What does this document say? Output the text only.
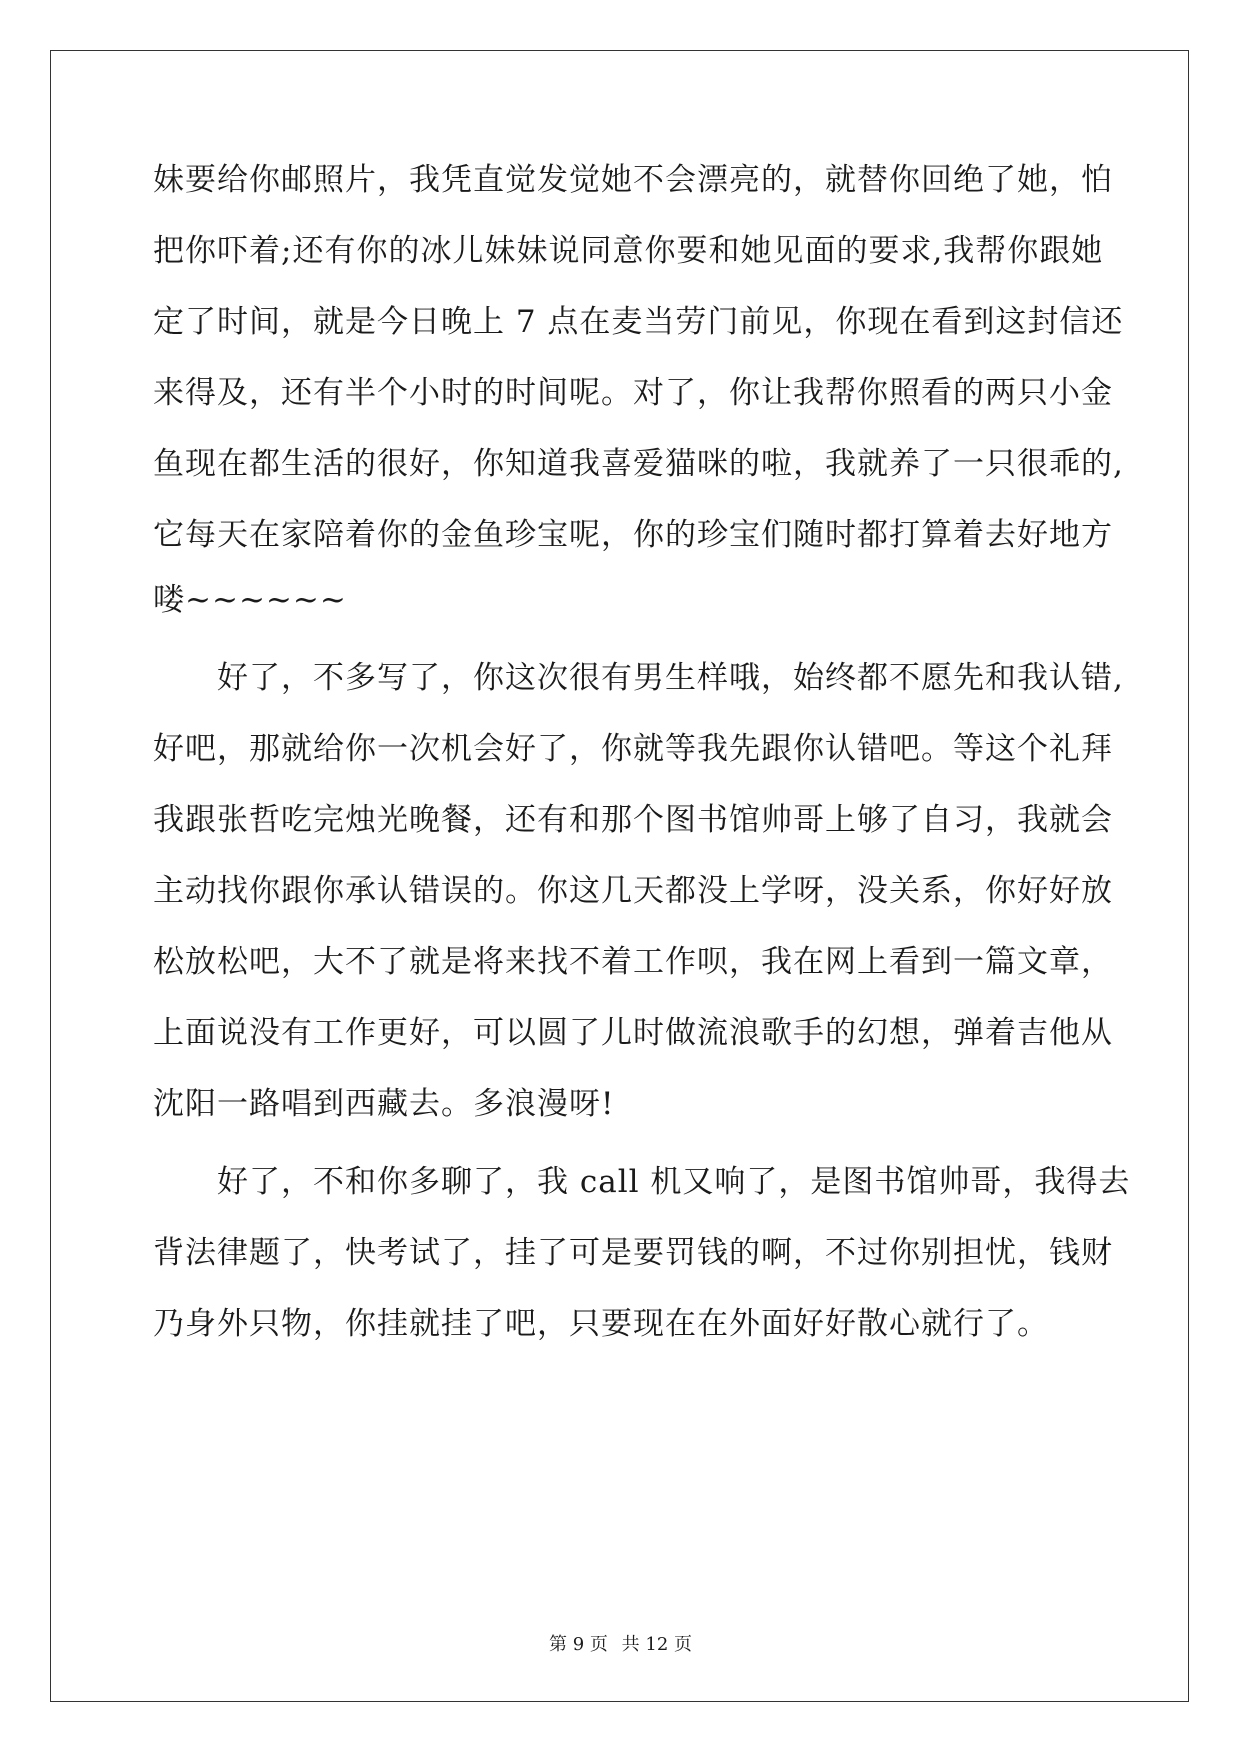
妹要给你邮照片，我凭直觉发觉她不会漂亮的，就替你回绝了她，怕
把你吓着;还有你的冰儿妹妹说同意你要和她见面的要求,我帮你跟她
定了时间，就是今日晚上 7 点在麦当劳门前见，你现在看到这封信还
来得及，还有半个小时的时间呢。对了，你让我帮你照看的两只小金
鱼现在都生活的很好，你知道我喜爱猫咪的啦，我就养了一只很乖的,
它每天在家陪着你的金鱼珍宝呢，你的珍宝们随时都打算着去好地方
喽~~~~~~
　　好了，不多写了，你这次很有男生样哦，始终都不愿先和我认错,
好吧，那就给你一次机会好了，你就等我先跟你认错吧。等这个礼拜
我跟张哲吃完烛光晚餐，还有和那个图书馆帅哥上够了自习，我就会
主动找你跟你承认错误的。你这几天都没上学呀，没关系，你好好放
松放松吧，大不了就是将来找不着工作呗，我在网上看到一篇文章，
上面说没有工作更好，可以圆了儿时做流浪歌手的幻想，弹着吉他从
沈阳一路唱到西藏去。多浪漫呀!
　　好了，不和你多聊了，我 call 机又响了，是图书馆帅哥，我得去
背法律题了，快考试了，挂了可是要罚钱的啊，不过你别担忧，钱财
乃身外只物，你挂就挂了吧，只要现在在外面好好散心就行了。
第 9 页 共 12 页
